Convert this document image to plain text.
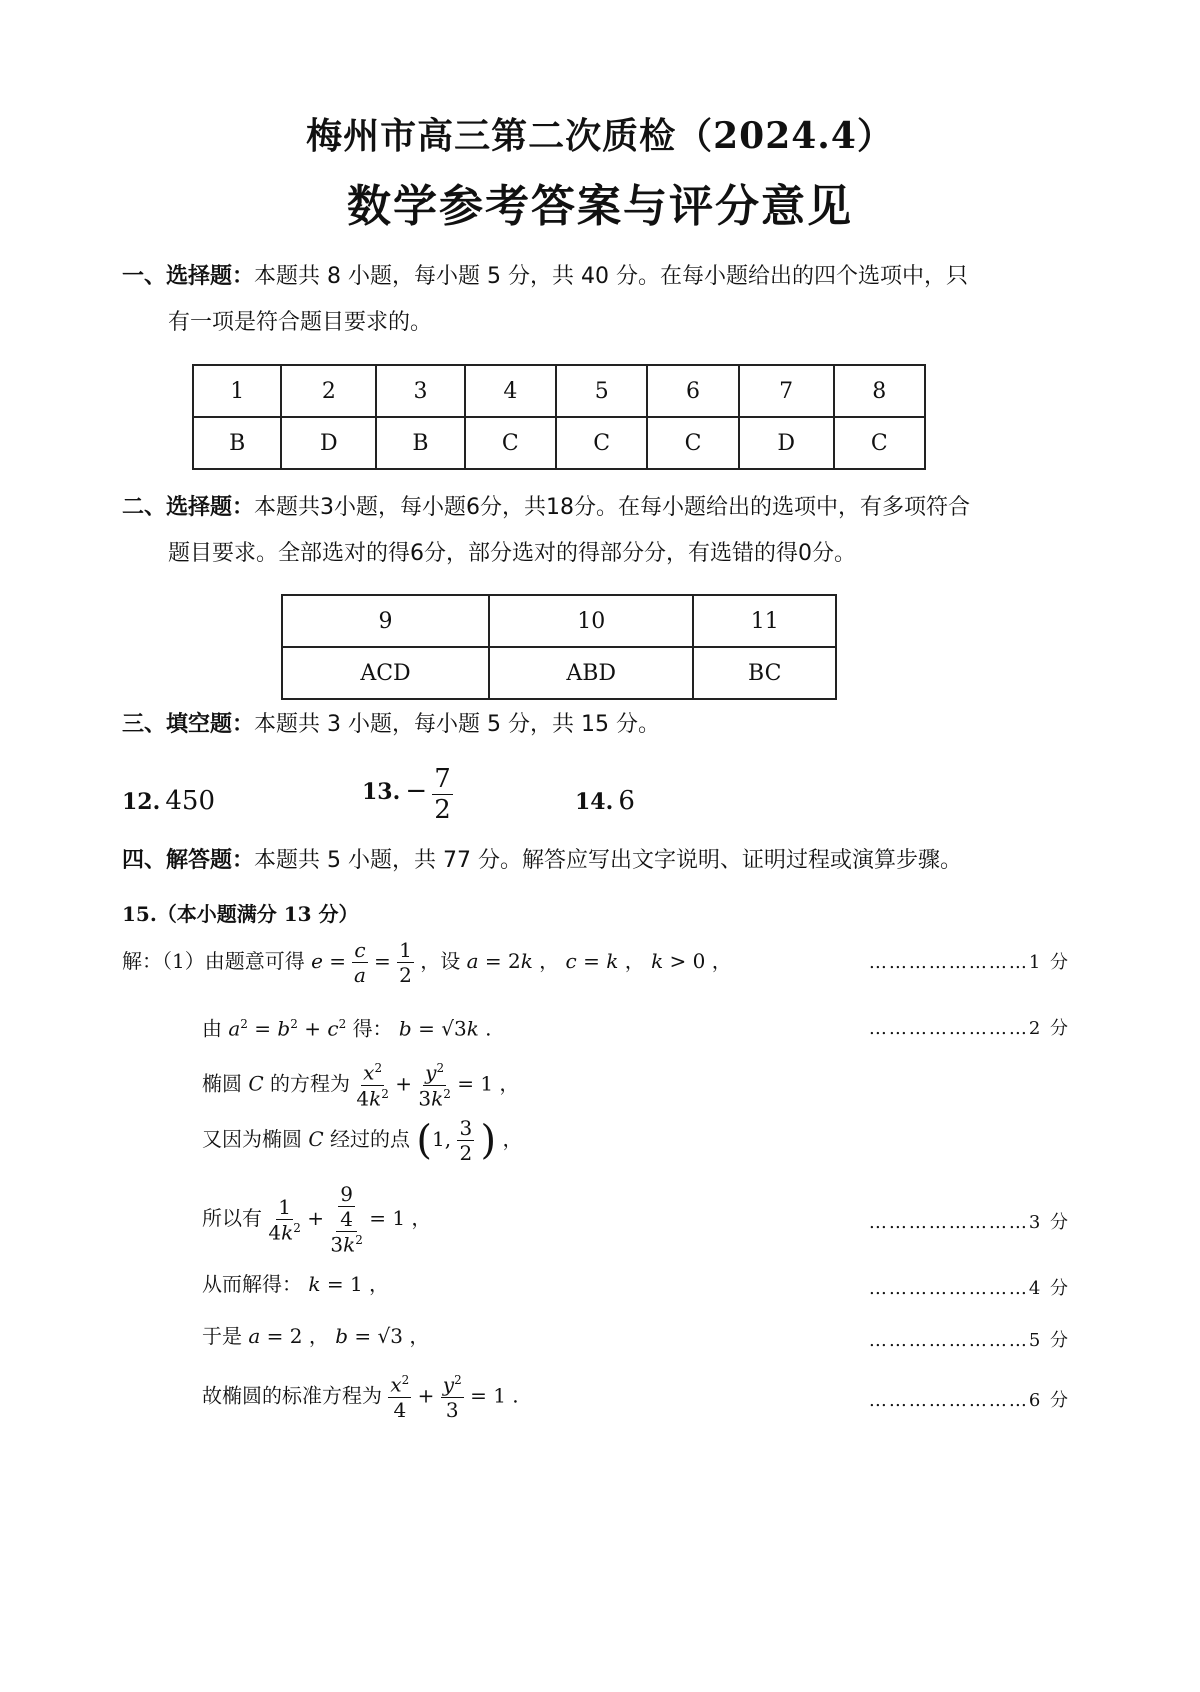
梅州市高三第二次质检（2024.4）
数学参考答案与评分意见
一、选择题：本题共 8 小题，每小题 5 分，共 40 分。在每小题给出的四个选项中，只
有一项是符合题目要求的。
1	2	3	4	5	6	7	8
B	D	B	C	C	C	D	C
二、选择题：本题共3小题，每小题6分，共18分。在每小题给出的选项中，有多项符合
题目要求。全部选对的得6分，部分选对的得部分分，有选错的得0分。
9	10	11
ACD	ABD	BC
三、填空题：本题共 3 小题，每小题 5 分，共 15 分。
12. 450	13. − $\frac{7}{2}$	14. 6
四、解答题：本题共 5 小题，共 77 分。解答应写出文字说明、证明过程或演算步骤。
15.（本小题满分 13 分）
解：（1）由题意可得 $e = \frac{c}{a} = \frac{1}{2}$ ，设 a = 2k ， c = k ， k > 0 ，	……………………1 分
由 $a^2 = b^2 + c^2$ 得： b = √3k .	……………………2 分
椭圆 C 的方程为 $\frac{x^2}{4k^2} + \frac{y^2}{3k^2} = 1$ ，
又因为椭圆 C 经过的点 (1, $\frac{3}{2}$ ) ，
所以有 $\frac{1}{4k^2} + \frac{\frac{9}{4}}{3k^2} = 1$ ，	……………………3 分
从而解得： k = 1 ，	……………………4 分
于是 a = 2 ， b = √3 ，	……………………5 分
故椭圆的标准方程为 $\frac{x^2}{4} + \frac{y^2}{3} = 1$ .	……………………6 分
